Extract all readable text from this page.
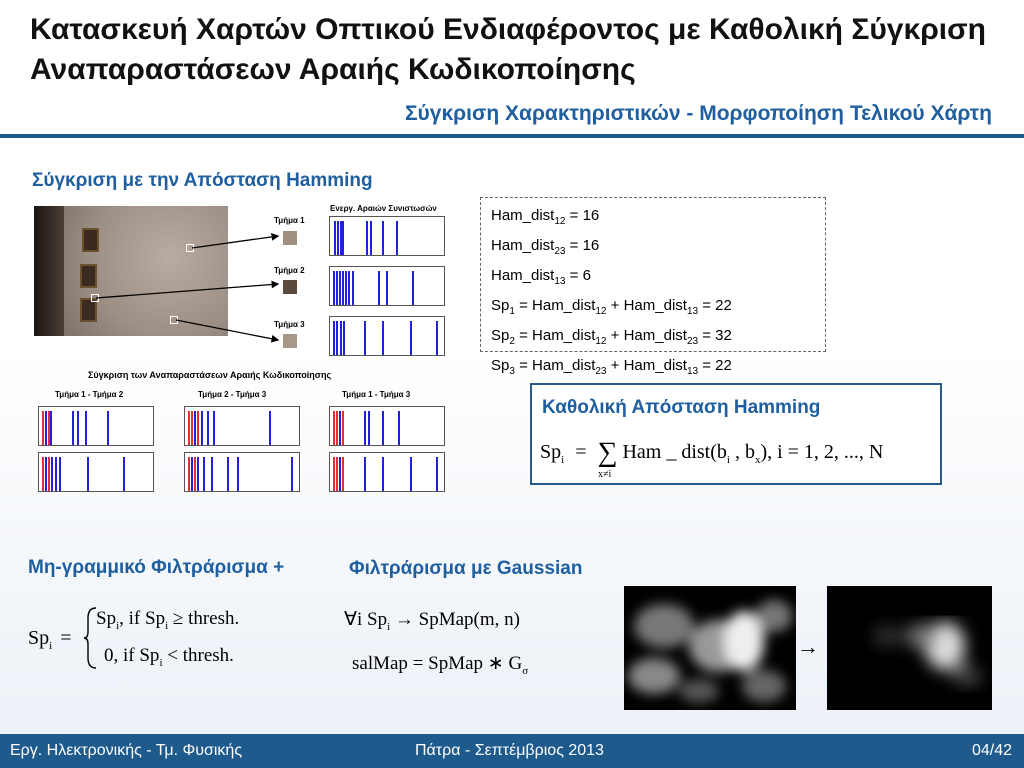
Κατασκευή Χαρτών Οπτικού Ενδιαφέροντος με Καθολική Σύγκριση Αναπαραστάσεων Αραιής Κωδικοποίησης
Σύγκριση Χαρακτηριστικών - Μορφοποίηση Τελικού Χάρτη
Σύγκριση με την Απόσταση Hamming
Τμήμα 1
Τμήμα 2
Τμήμα 3
Ενεργ. Αραιών Συνιστωσών
Σύγκριση των Αναπαραστάσεων Αραιής Κωδικοποίησης
Τμήμα 1 - Τμήμα 2	Τμήμα 2 - Τμήμα 3	Τμήμα 1 - Τμήμα 3
Ham_dist$_{12}$ = 16
Ham_dist$_{23}$ = 16
Ham_dist$_{13}$ = 6
$Sp_1$ = Ham_dist$_{12}$ + Ham_dist$_{13}$ = 22
$Sp_2$ = Ham_dist$_{12}$ + Ham_dist$_{23}$ = 32
$Sp_3$ = Ham_dist$_{23}$ + Ham_dist$_{13}$ = 22
Καθολική Απόσταση Hamming
$Sp_i$ = ∑ Ham _ $dist(b_i$ , $b_x$), i = 1, 2, ..., N
x≠i
Μη-γραμμικό Φιλτράρισμα +	Φιλτράρισμα με Gaussian
$Sp_i$ =
$Sp_i$, if $Sp_i$ ≥ thresh.
0, if $Sp_i$ < thresh.
∀i $Sp_i$ → SpMap(m, n)
salMap = SpMap ∗ $G_\sigma$
→
Εργ. Ηλεκτρονικής - Τμ. Φυσικής	Πάτρα - Σεπτέμβριος 2013	04/42
